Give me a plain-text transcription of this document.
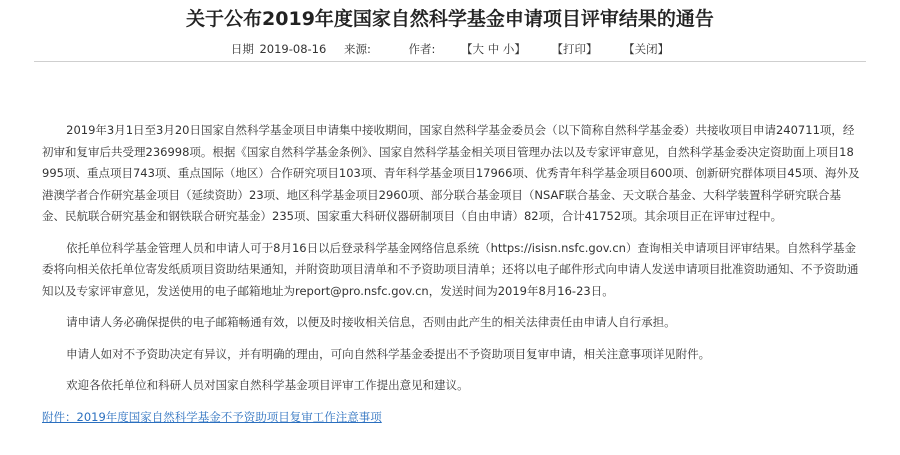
关于公布2019年度国家自然科学基金申请项目评审结果的通告
日期 2019-08-16 来源:	作者: 【大 中 小】 【打印】 【关闭】

2019年3月1日至3月20日国家自然科学基金项目申请集中接收期间，国家自然科学基金委员会（以下简称自然科学基金委）共接收项目申请240711项，经初审和复审后共受理236998项。根据《国家自然科学基金条例》、国家自然科学基金相关项目管理办法以及专家评审意见，自然科学基金委决定资助面上项目18995项、重点项目743项、重点国际（地区）合作研究项目103项、青年科学基金项目17966项、优秀青年科学基金项目600项、创新研究群体项目45项、海外及港澳学者合作研究基金项目（延续资助）23项、地区科学基金项目2960项、部分联合基金项目（NSAF联合基金、天文联合基金、大科学装置科学研究联合基金、民航联合研究基金和钢铁联合研究基金）235项、国家重大科研仪器研制项目（自由申请）82项，合计41752项。其余项目正在评审过程中。

依托单位科学基金管理人员和申请人可于8月16日以后登录科学基金网络信息系统（https://isisn.nsfc.gov.cn）查询相关申请项目评审结果。自然科学基金委将向相关依托单位寄发纸质项目资助结果通知，并附资助项目清单和不予资助项目清单；还将以电子邮件形式向申请人发送申请项目批准资助通知、不予资助通知以及专家评审意见，发送使用的电子邮箱地址为report@pro.nsfc.gov.cn，发送时间为2019年8月16-23日。

请申请人务必确保提供的电子邮箱畅通有效，以便及时接收相关信息，否则由此产生的相关法律责任由申请人自行承担。

申请人如对不予资助决定有异议，并有明确的理由，可向自然科学基金委提出不予资助项目复审申请，相关注意事项详见附件。

欢迎各依托单位和科研人员对国家自然科学基金项目评审工作提出意见和建议。

附件：2019年度国家自然科学基金不予资助项目复审工作注意事项
